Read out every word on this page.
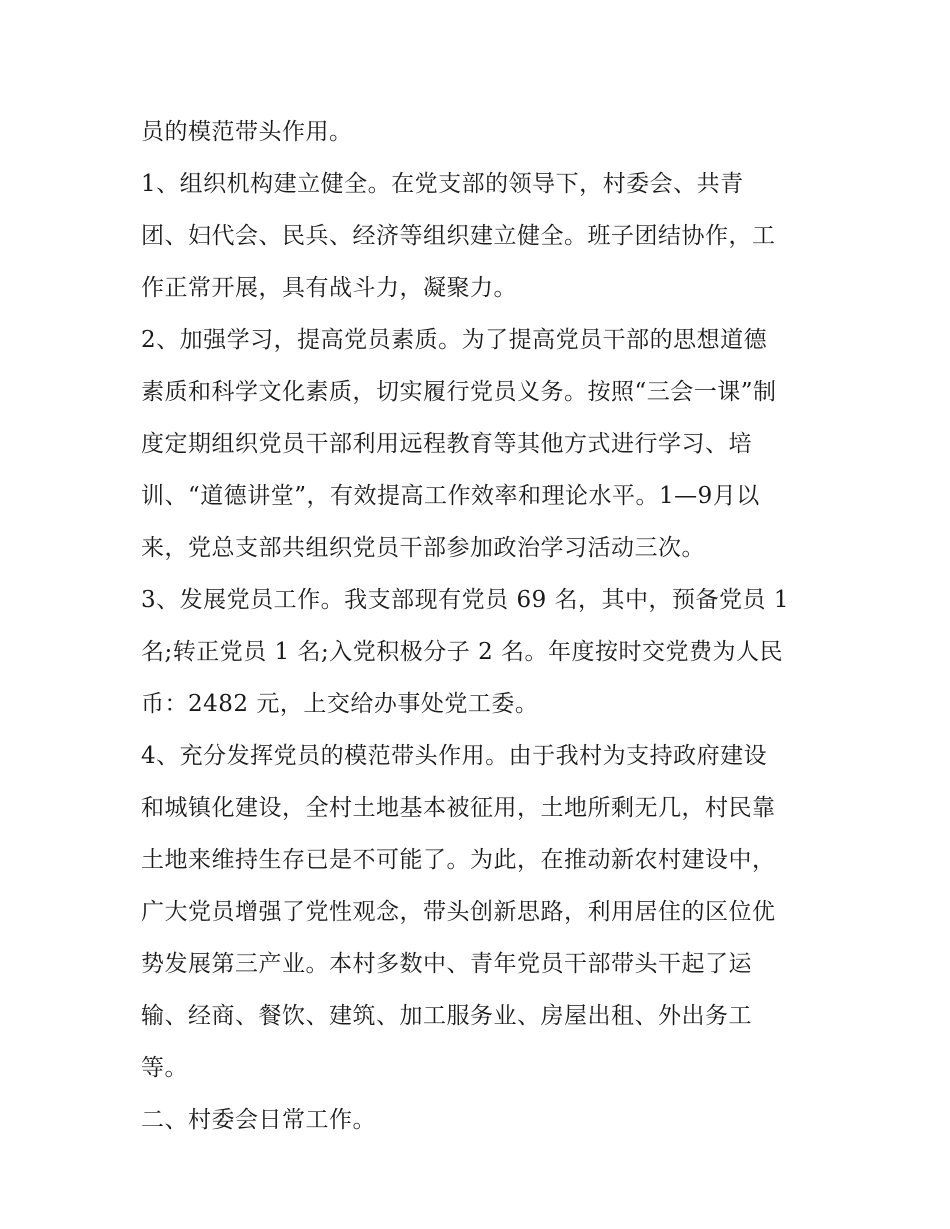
员的模范带头作用。
1、组织机构建立健全。在党支部的领导下，村委会、共青
团、妇代会、民兵、经济等组织建立健全。班子团结协作，工
作正常开展，具有战斗力，凝聚力。
2、加强学习，提高党员素质。为了提高党员干部的思想道德
素质和科学文化素质，切实履行党员义务。按照“三会一课”制
度定期组织党员干部利用远程教育等其他方式进行学习、培
训、“道德讲堂”，有效提高工作效率和理论水平。1—9月以
来，党总支部共组织党员干部参加政治学习活动三次。
3、发展党员工作。我支部现有党员 69 名，其中，预备党员 1
名;转正党员 1 名;入党积极分子 2 名。年度按时交党费为人民
币：2482 元，上交给办事处党工委。
4、充分发挥党员的模范带头作用。由于我村为支持政府建设
和城镇化建设，全村土地基本被征用，土地所剩无几，村民靠
土地来维持生存已是不可能了。为此，在推动新农村建设中，
广大党员增强了党性观念，带头创新思路，利用居住的区位优
势发展第三产业。本村多数中、青年党员干部带头干起了运
输、经商、餐饮、建筑、加工服务业、房屋出租、外出务工
等。
二、村委会日常工作。
